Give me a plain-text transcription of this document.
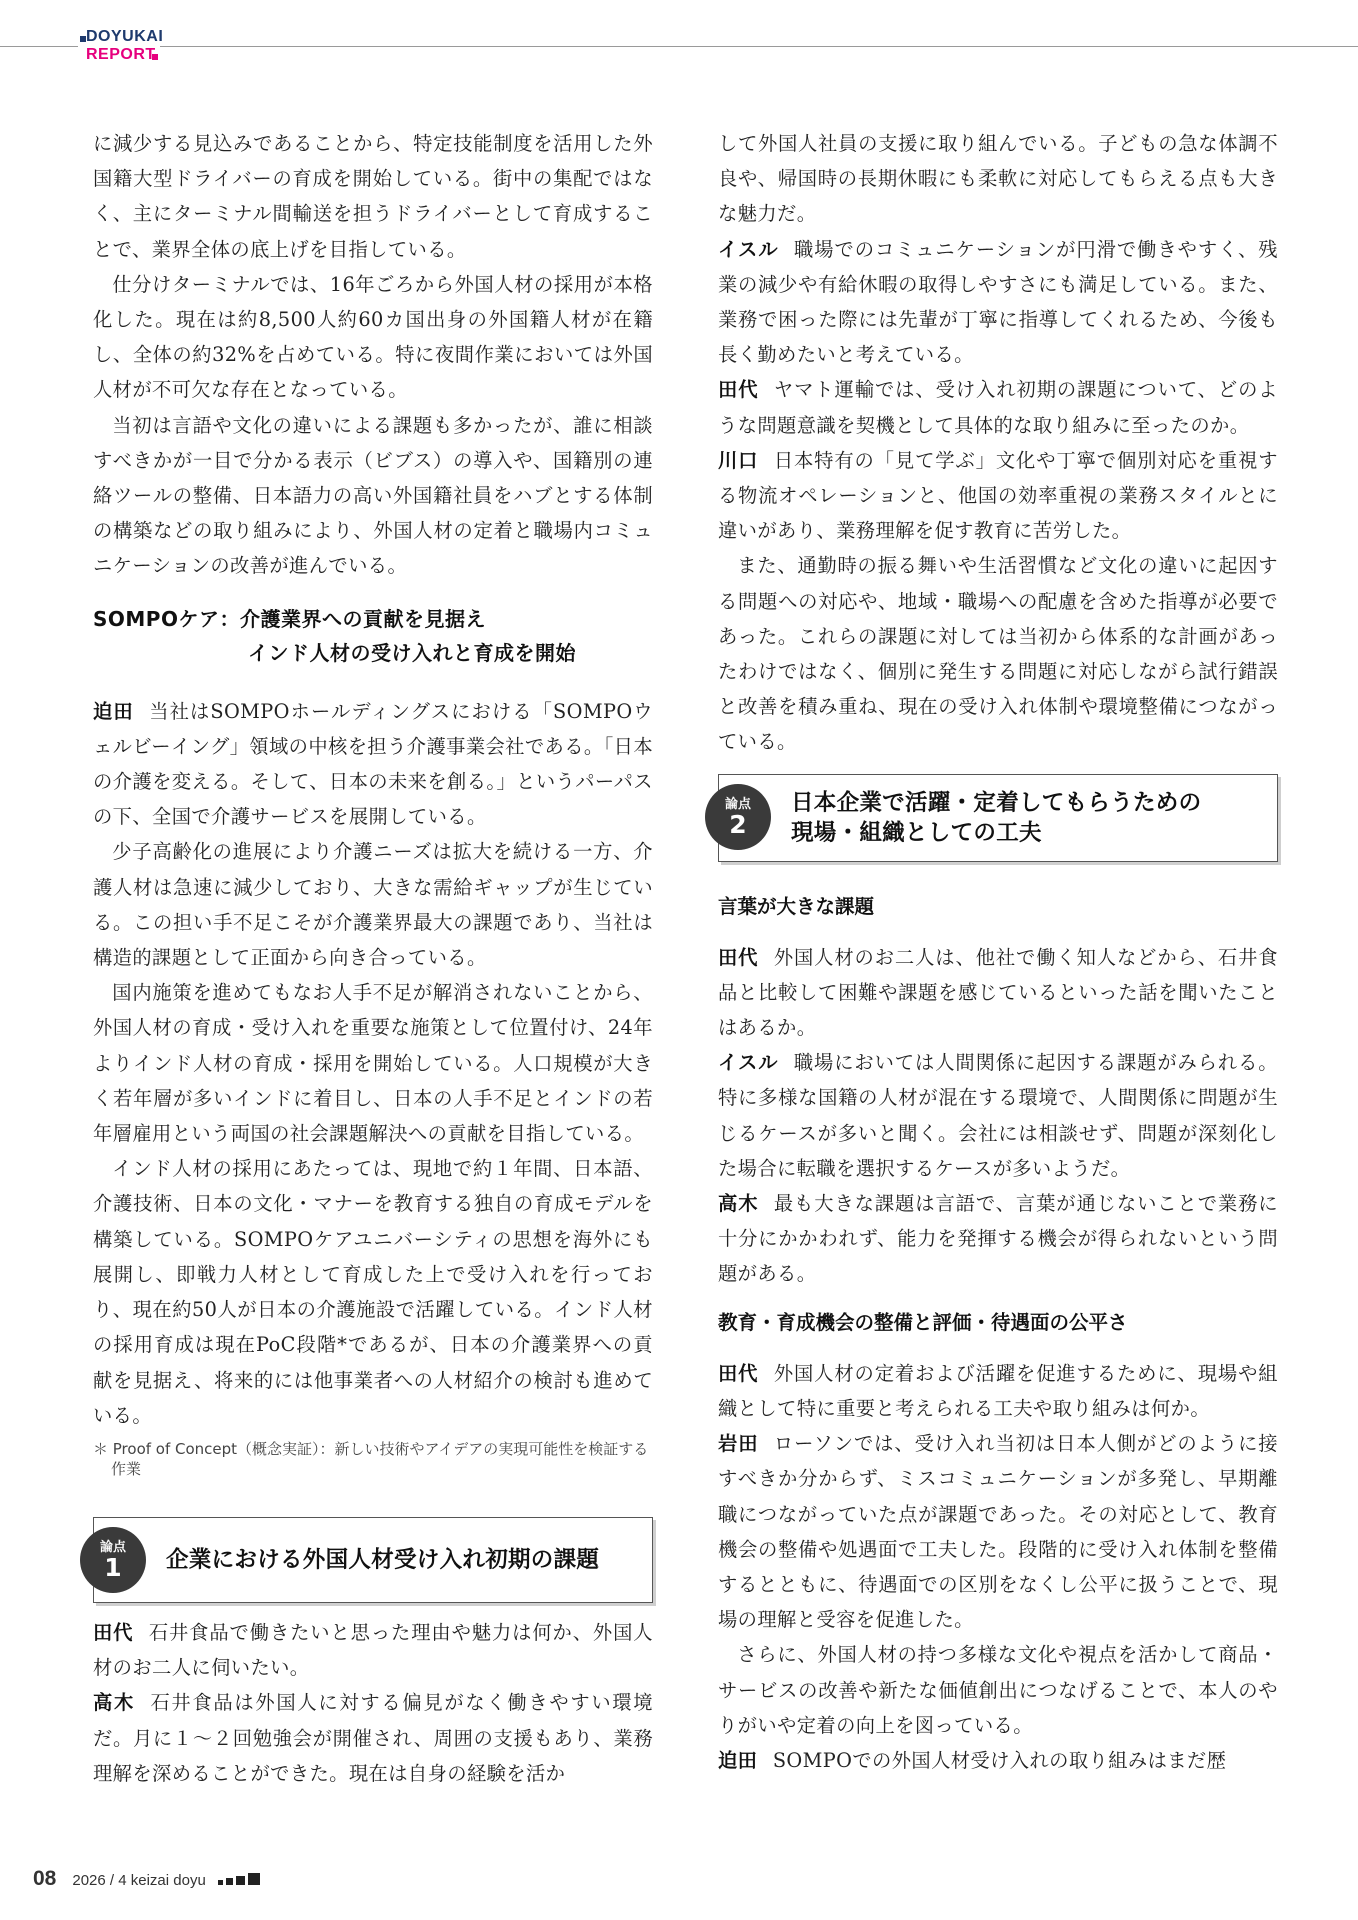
DOYUKAI
REPORT

に減少する見込みであることから、特定技能制度を活用した外国籍大型ドライバーの育成を開始している。街中の集配ではなく、主にターミナル間輸送を担うドライバーとして育成することで、業界全体の底上げを目指している。

仕分けターミナルでは、16年ごろから外国人材の採用が本格化した。現在は約8,500人約60カ国出身の外国籍人材が在籍し、全体の約32%を占めている。特に夜間作業においては外国人材が不可欠な存在となっている。

当初は言語や文化の違いによる課題も多かったが、誰に相談すべきかが一目で分かる表示（ビブス）の導入や、国籍別の連絡ツールの整備、日本語力の高い外国籍社員をハブとする体制の構築などの取り組みにより、外国人材の定着と職場内コミュニケーションの改善が進んでいる。

SOMPOケア：介護業界への貢献を見据え
インド人材の受け入れと育成を開始

迫田 当社はSOMPOホールディングスにおける「SOMPOウェルビーイング」領域の中核を担う介護事業会社である。「日本の介護を変える。そして、日本の未来を創る。」というパーパスの下、全国で介護サービスを展開している。

少子高齢化の進展により介護ニーズは拡大を続ける一方、介護人材は急速に減少しており、大きな需給ギャップが生じている。この担い手不足こそが介護業界最大の課題であり、当社は構造的課題として正面から向き合っている。

国内施策を進めてもなお人手不足が解消されないことから、外国人材の育成・受け入れを重要な施策として位置付け、24年よりインド人材の育成・採用を開始している。人口規模が大きく若年層が多いインドに着目し、日本の人手不足とインドの若年層雇用という両国の社会課題解決への貢献を目指している。

インド人材の採用にあたっては、現地で約１年間、日本語、介護技術、日本の文化・マナーを教育する独自の育成モデルを構築している。SOMPOケアユニバーシティの思想を海外にも展開し、即戦力人材として育成した上で受け入れを行っており、現在約50人が日本の介護施設で活躍している。インド人材の採用育成は現在PoC段階*であるが、日本の介護業界への貢献を見据え、将来的には他事業者への人材紹介の検討も進めている。

＊ Proof of Concept（概念実証）：新しい技術やアイデアの実現可能性を検証する作業
論点
1	企業における外国人材受け入れ初期の課題

田代 石井食品で働きたいと思った理由や魅力は何か、外国人材のお二人に伺いたい。

高木 石井食品は外国人に対する偏見がなく働きやすい環境だ。月に１～２回勉強会が開催され、周囲の支援もあり、業務理解を深めることができた。現在は自身の経験を活か

して外国人社員の支援に取り組んでいる。子どもの急な体調不良や、帰国時の長期休暇にも柔軟に対応してもらえる点も大きな魅力だ。

イスル 職場でのコミュニケーションが円滑で働きやすく、残業の減少や有給休暇の取得しやすさにも満足している。また、業務で困った際には先輩が丁寧に指導してくれるため、今後も長く勤めたいと考えている。

田代 ヤマト運輸では、受け入れ初期の課題について、どのような問題意識を契機として具体的な取り組みに至ったのか。

川口 日本特有の「見て学ぶ」文化や丁寧で個別対応を重視する物流オペレーションと、他国の効率重視の業務スタイルとに違いがあり、業務理解を促す教育に苦労した。

また、通勤時の振る舞いや生活習慣など文化の違いに起因する問題への対応や、地域・職場への配慮を含めた指導が必要であった。これらの課題に対しては当初から体系的な計画があったわけではなく、個別に発生する問題に対応しながら試行錯誤と改善を積み重ね、現在の受け入れ体制や環境整備につながっている。

論点
2
日本企業で活躍・定着してもらうための
現場・組織としての工夫
言葉が大きな課題

田代 外国人材のお二人は、他社で働く知人などから、石井食品と比較して困難や課題を感じているといった話を聞いたことはあるか。

イスル 職場においては人間関係に起因する課題がみられる。特に多様な国籍の人材が混在する環境で、人間関係に問題が生じるケースが多いと聞く。会社には相談せず、問題が深刻化した場合に転職を選択するケースが多いようだ。

高木 最も大きな課題は言語で、言葉が通じないことで業務に十分にかかわれず、能力を発揮する機会が得られないという問題がある。

教育・育成機会の整備と評価・待遇面の公平さ

田代 外国人材の定着および活躍を促進するために、現場や組織として特に重要と考えられる工夫や取り組みは何か。

岩田 ローソンでは、受け入れ当初は日本人側がどのように接すべきか分からず、ミスコミュニケーションが多発し、早期離職につながっていた点が課題であった。その対応として、教育機会の整備や処遇面で工夫した。段階的に受け入れ体制を整備するとともに、待遇面での区別をなくし公平に扱うことで、現場の理解と受容を促進した。

さらに、外国人材の持つ多様な文化や視点を活かして商品・サービスの改善や新たな価値創出につなげることで、本人のやりがいや定着の向上を図っている。

迫田 SOMPOでの外国人材受け入れの取り組みはまだ歴

08 2026 / 4 keizai doyu
